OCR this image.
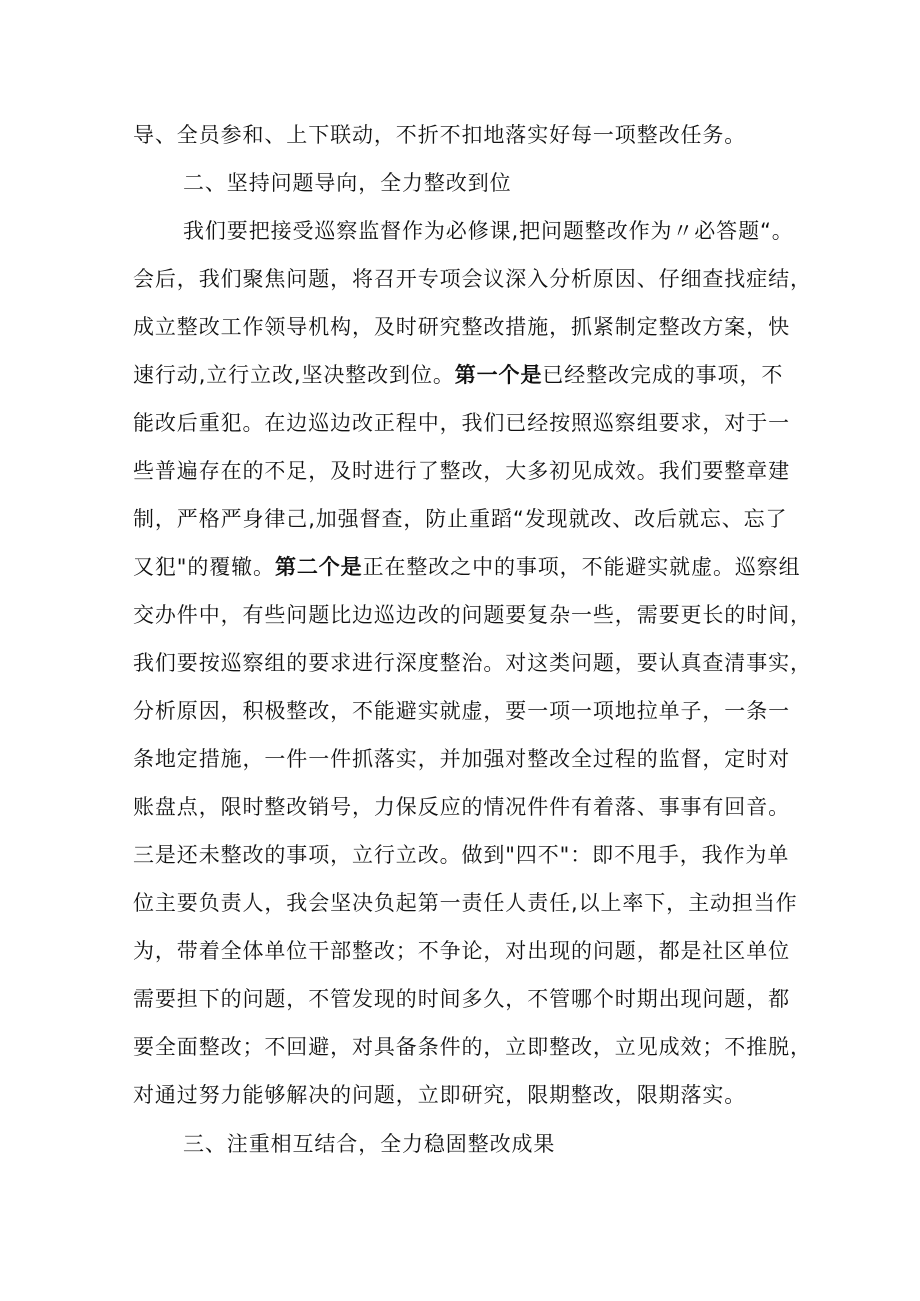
导、全员参和、上下联动，不折不扣地落实好每一项整改任务。
二、坚持问题导向，全力整改到位
我们要把接受巡察监督作为必修课,把问题整改作为〃必答题“。
会后，我们聚焦问题，将召开专项会议深入分析原因、仔细查找症结，
成立整改工作领导机构，及时研究整改措施，抓紧制定整改方案，快
速行动,立行立改,坚决整改到位。第一个是已经整改完成的事项，不
能改后重犯。在边巡边改正程中，我们已经按照巡察组要求，对于一
些普遍存在的不足，及时进行了整改，大多初见成效。我们要整章建
制，严格严身律己,加强督查，防止重蹈“发现就改、改后就忘、忘了
又犯"的覆辙。第二个是正在整改之中的事项，不能避实就虚。巡察组
交办件中，有些问题比边巡边改的问题要复杂一些，需要更长的时间，
我们要按巡察组的要求进行深度整治。对这类问题，要认真查清事实，
分析原因，积极整改，不能避实就虚，要一项一项地拉单子，一条一
条地定措施，一件一件抓落实，并加强对整改全过程的监督，定时对
账盘点，限时整改销号，力保反应的情况件件有着落、事事有回音。
三是还未整改的事项，立行立改。做到"四不"：即不甩手，我作为单
位主要负责人，我会坚决负起第一责任人责任,以上率下，主动担当作
为，带着全体单位干部整改；不争论，对出现的问题，都是社区单位
需要担下的问题，不管发现的时间多久，不管哪个时期出现问题，都
要全面整改；不回避，对具备条件的，立即整改，立见成效；不推脱，
对通过努力能够解决的问题，立即研究，限期整改，限期落实。
三、注重相互结合，全力稳固整改成果
